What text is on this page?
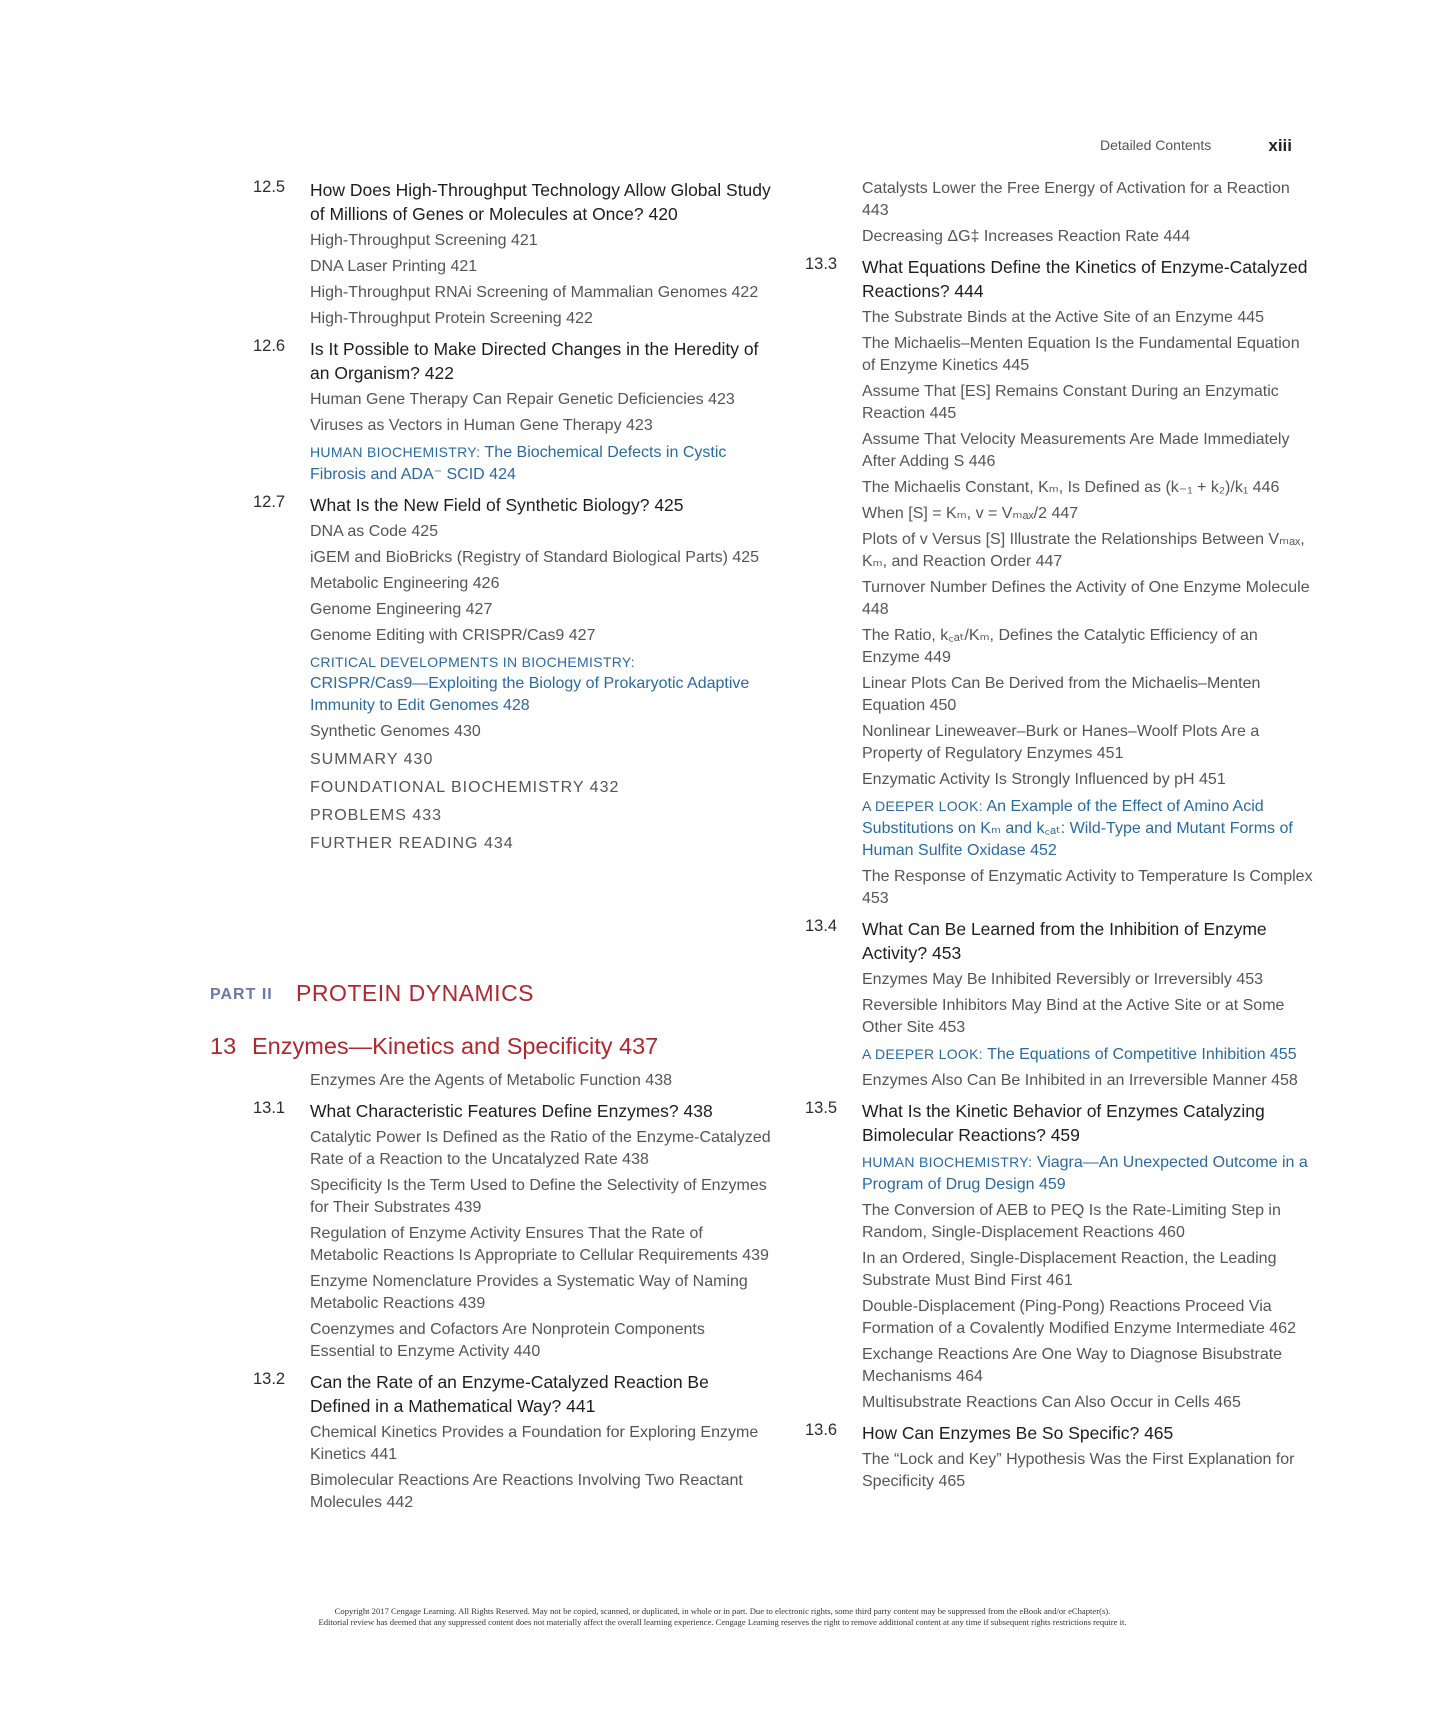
Detailed Contents	xiii
12.5 How Does High-Throughput Technology Allow Global Study of Millions of Genes or Molecules at Once? 420
High-Throughput Screening 421
DNA Laser Printing 421
High-Throughput RNAi Screening of Mammalian Genomes 422
High-Throughput Protein Screening 422
12.6 Is It Possible to Make Directed Changes in the Heredity of an Organism? 422
Human Gene Therapy Can Repair Genetic Deficiencies 423
Viruses as Vectors in Human Gene Therapy 423
HUMAN BIOCHEMISTRY: The Biochemical Defects in Cystic Fibrosis and ADA⁻ SCID 424
12.7 What Is the New Field of Synthetic Biology? 425
DNA as Code 425
iGEM and BioBricks (Registry of Standard Biological Parts) 425
Metabolic Engineering 426
Genome Engineering 427
Genome Editing with CRISPR/Cas9 427
CRITICAL DEVELOPMENTS IN BIOCHEMISTRY:
CRISPR/Cas9—Exploiting the Biology of Prokaryotic Adaptive Immunity to Edit Genomes 428
Synthetic Genomes 430
SUMMARY 430
FOUNDATIONAL BIOCHEMISTRY 432
PROBLEMS 433
FURTHER READING 434
PART II PROTEIN DYNAMICS
13 Enzymes—Kinetics and Specificity 437
Enzymes Are the Agents of Metabolic Function 438
13.1 What Characteristic Features Define Enzymes? 438
Catalytic Power Is Defined as the Ratio of the Enzyme-Catalyzed Rate of a Reaction to the Uncatalyzed Rate 438
Specificity Is the Term Used to Define the Selectivity of Enzymes for Their Substrates 439
Regulation of Enzyme Activity Ensures That the Rate of Metabolic Reactions Is Appropriate to Cellular Requirements 439
Enzyme Nomenclature Provides a Systematic Way of Naming Metabolic Reactions 439
Coenzymes and Cofactors Are Nonprotein Components Essential to Enzyme Activity 440
13.2 Can the Rate of an Enzyme-Catalyzed Reaction Be Defined in a Mathematical Way? 441
Chemical Kinetics Provides a Foundation for Exploring Enzyme Kinetics 441
Bimolecular Reactions Are Reactions Involving Two Reactant Molecules 442
Catalysts Lower the Free Energy of Activation for a Reaction 443
Decreasing ΔG‡ Increases Reaction Rate 444
13.3 What Equations Define the Kinetics of Enzyme-Catalyzed Reactions? 444
The Substrate Binds at the Active Site of an Enzyme 445
The Michaelis–Menten Equation Is the Fundamental Equation of Enzyme Kinetics 445
Assume That [ES] Remains Constant During an Enzymatic Reaction 445
Assume That Velocity Measurements Are Made Immediately After Adding S 446
The Michaelis Constant, Kₘ, Is Defined as (k₋₁ + k₂)/k₁ 446
When [S] = Kₘ, v = Vₘₐₓ/2 447
Plots of v Versus [S] Illustrate the Relationships Between Vₘₐₓ, Kₘ, and Reaction Order 447
Turnover Number Defines the Activity of One Enzyme Molecule 448
The Ratio, k꜀ₐₜ/Kₘ, Defines the Catalytic Efficiency of an Enzyme 449
Linear Plots Can Be Derived from the Michaelis–Menten Equation 450
Nonlinear Lineweaver–Burk or Hanes–Woolf Plots Are a Property of Regulatory Enzymes 451
Enzymatic Activity Is Strongly Influenced by pH 451
A DEEPER LOOK: An Example of the Effect of Amino Acid Substitutions on Kₘ and k꜀ₐₜ: Wild-Type and Mutant Forms of Human Sulfite Oxidase 452
The Response of Enzymatic Activity to Temperature Is Complex 453
13.4 What Can Be Learned from the Inhibition of Enzyme Activity? 453
Enzymes May Be Inhibited Reversibly or Irreversibly 453
Reversible Inhibitors May Bind at the Active Site or at Some Other Site 453
A DEEPER LOOK: The Equations of Competitive Inhibition 455
Enzymes Also Can Be Inhibited in an Irreversible Manner 458
13.5 What Is the Kinetic Behavior of Enzymes Catalyzing Bimolecular Reactions? 459
HUMAN BIOCHEMISTRY: Viagra—An Unexpected Outcome in a Program of Drug Design 459
The Conversion of AEB to PEQ Is the Rate-Limiting Step in Random, Single-Displacement Reactions 460
In an Ordered, Single-Displacement Reaction, the Leading Substrate Must Bind First 461
Double-Displacement (Ping-Pong) Reactions Proceed Via Formation of a Covalently Modified Enzyme Intermediate 462
Exchange Reactions Are One Way to Diagnose Bisubstrate Mechanisms 464
Multisubstrate Reactions Can Also Occur in Cells 465
13.6 How Can Enzymes Be So Specific? 465
The “Lock and Key” Hypothesis Was the First Explanation for Specificity 465
Copyright 2017 Cengage Learning. All Rights Reserved. May not be copied, scanned, or duplicated, in whole or in part. Due to electronic rights, some third party content may be suppressed from the eBook and/or eChapter(s).
Editorial review has deemed that any suppressed content does not materially affect the overall learning experience. Cengage Learning reserves the right to remove additional content at any time if subsequent rights restrictions require it.
